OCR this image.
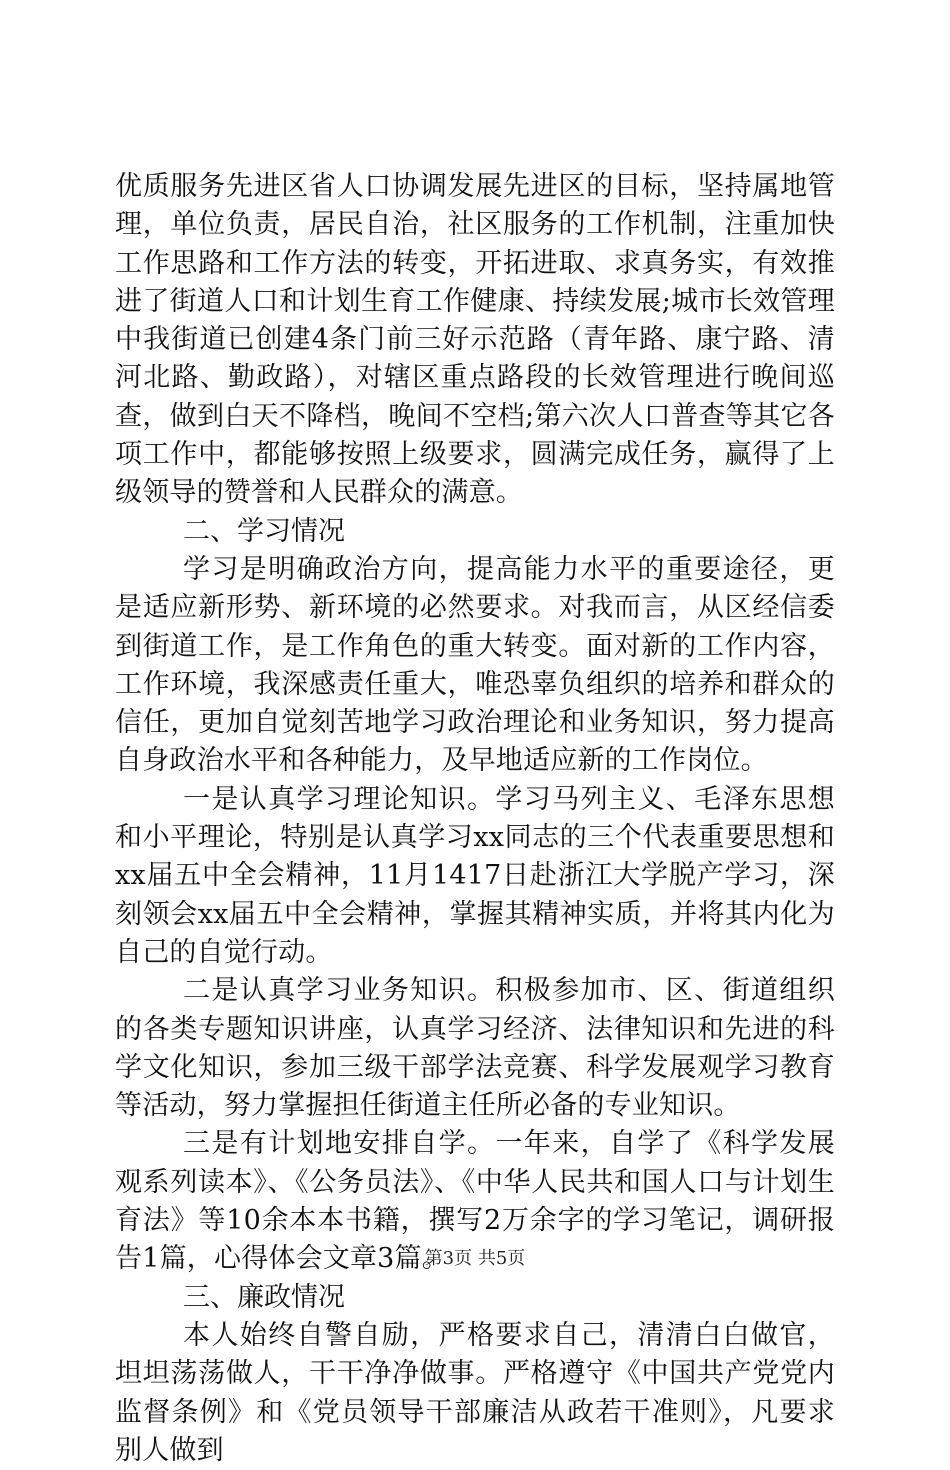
优质服务先进区省人口协调发展先进区的目标，坚持属地管理，单位负责，居民自治，社区服务的工作机制，注重加快工作思路和工作方法的转变，开拓进取、求真务实，有效推进了街道人口和计划生育工作健康、持续发展;城市长效管理中我街道已创建4条门前三好示范路（青年路、康宁路、清河北路、勤政路），对辖区重点路段的长效管理进行晚间巡查，做到白天不降档，晚间不空档;第六次人口普查等其它各项工作中，都能够按照上级要求，圆满完成任务，赢得了上级领导的赞誉和人民群众的满意。

二、学习情况

学习是明确政治方向，提高能力水平的重要途径，更是适应新形势、新环境的必然要求。对我而言，从区经信委到街道工作，是工作角色的重大转变。面对新的工作内容，工作环境，我深感责任重大，唯恐辜负组织的培养和群众的信任，更加自觉刻苦地学习政治理论和业务知识，努力提高自身政治水平和各种能力，及早地适应新的工作岗位。

一是认真学习理论知识。学习马列主义、毛泽东思想和小平理论，特别是认真学习xx同志的三个代表重要思想和xx届五中全会精神，11月1417日赴浙江大学脱产学习，深刻领会xx届五中全会精神，掌握其精神实质，并将其内化为自己的自觉行动。

二是认真学习业务知识。积极参加市、区、街道组织的各类专题知识讲座，认真学习经济、法律知识和先进的科学文化知识，参加三级干部学法竞赛、科学发展观学习教育等活动，努力掌握担任街道主任所必备的专业知识。

三是有计划地安排自学。一年来，自学了《科学发展观系列读本》、《公务员法》、《中华人民共和国人口与计划生育法》等10余本本书籍，撰写2万余字的学习笔记，调研报告1篇，心得体会文章3篇。

三、廉政情况

本人始终自警自励，严格要求自己，清清白白做官，坦坦荡荡做人，干干净净做事。严格遵守《中国共产党党内监督条例》和《党员领导干部廉洁从政若干准则》，凡要求别人做到

第3页 共5页
